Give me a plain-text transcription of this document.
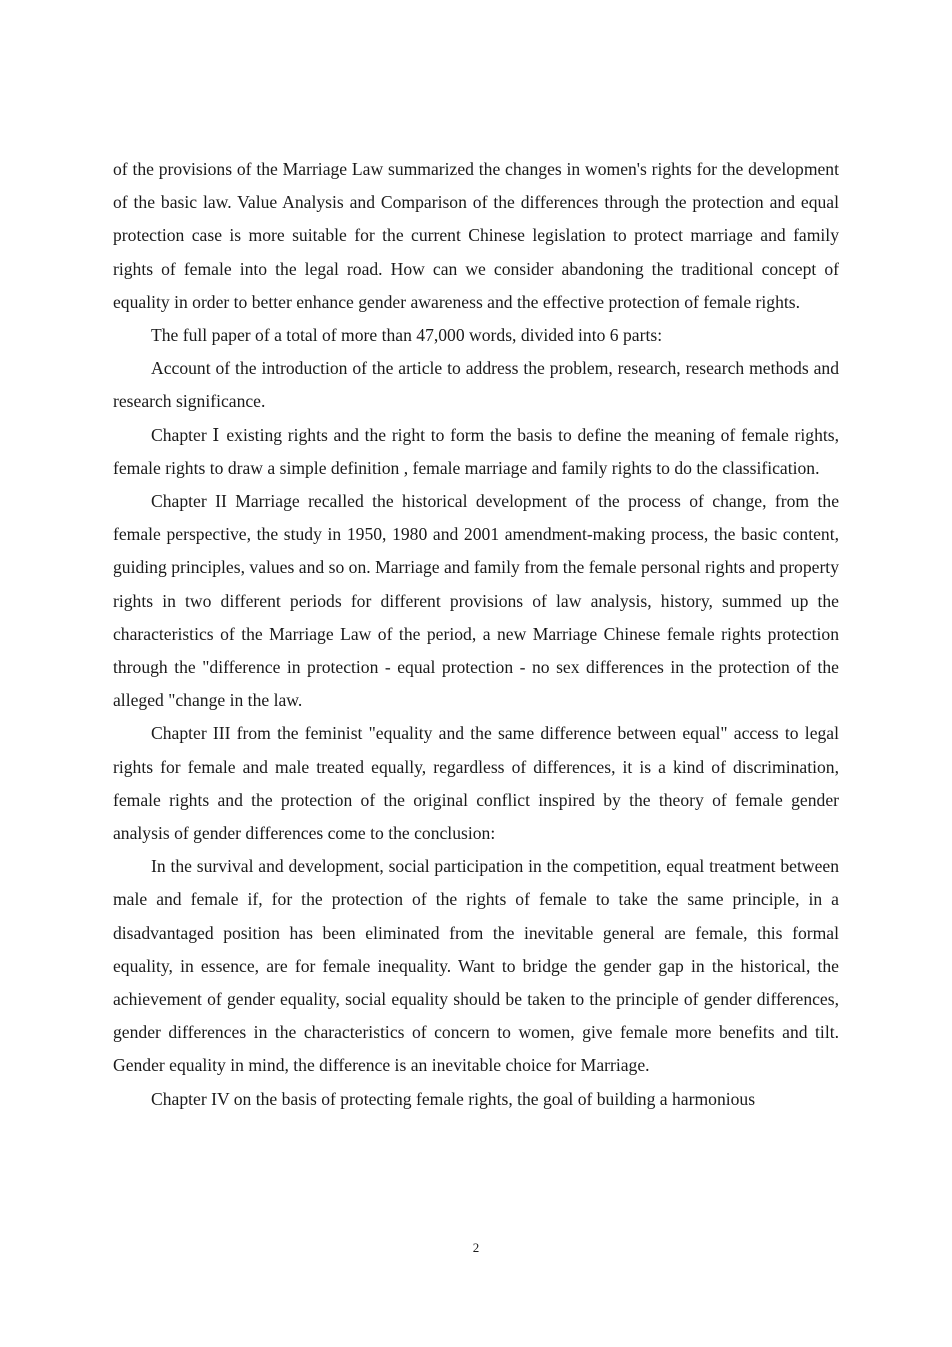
of the provisions of the Marriage Law summarized the changes in women's rights for the development of the basic law. Value Analysis and Comparison of the differences through the protection and equal protection case is more suitable for the current Chinese legislation to protect marriage and family rights of female into the legal road. How can we consider abandoning the traditional concept of equality in order to better enhance gender awareness and the effective protection of female rights.

The full paper of a total of more than 47,000 words, divided into 6 parts:

Account of the introduction of the article to address the problem, research, research methods and research significance.

Chapter Ⅰ existing rights and the right to form the basis to define the meaning of female rights, female rights to draw a simple definition , female marriage and family rights to do the classification.

Chapter II Marriage recalled the historical development of the process of change, from the female perspective, the study in 1950, 1980 and 2001 amendment-making process, the basic content, guiding principles, values and so on. Marriage and family from the female personal rights and property rights in two different periods for different provisions of law analysis, history, summed up the characteristics of the Marriage Law of the period, a new Marriage Chinese female rights protection through the "difference in protection - equal protection - no sex differences in the protection of the alleged "change in the law.

Chapter III from the feminist "equality and the same difference between equal" access to legal rights for female and male treated equally, regardless of differences, it is a kind of discrimination, female rights and the protection of the original conflict inspired by the theory of female gender analysis of gender differences come to the conclusion:

In the survival and development, social participation in the competition, equal treatment between male and female if, for the protection of the rights of female to take the same principle, in a disadvantaged position has been eliminated from the inevitable general are female, this formal equality, in essence, are for female inequality. Want to bridge the gender gap in the historical, the achievement of gender equality, social equality should be taken to the principle of gender differences, gender differences in the characteristics of concern to women, give female more benefits and tilt. Gender equality in mind, the difference is an inevitable choice for Marriage.

Chapter IV on the basis of protecting female rights, the goal of building a harmonious

2
